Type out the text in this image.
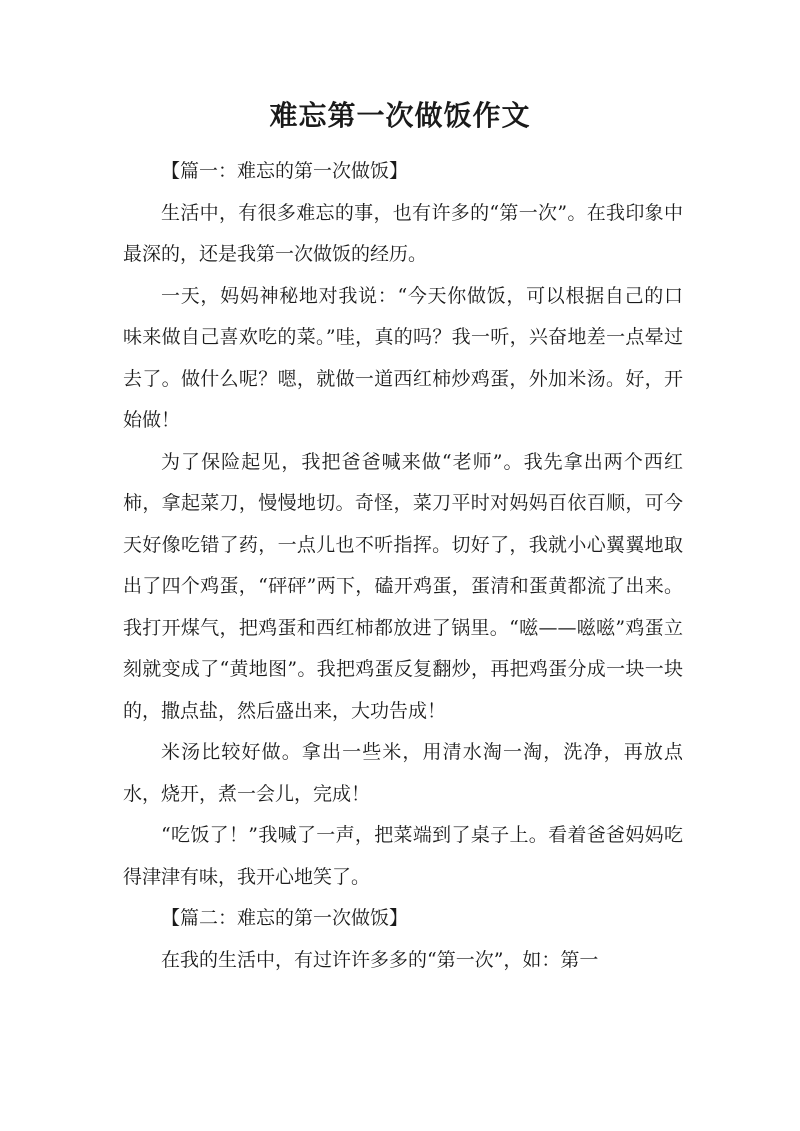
难忘第一次做饭作文

【篇一：难忘的第一次做饭】

生活中，有很多难忘的事，也有许多的“第一次”。在我印象中最深的，还是我第一次做饭的经历。

一天，妈妈神秘地对我说：“今天你做饭，可以根据自己的口味来做自己喜欢吃的菜。”哇，真的吗？我一听，兴奋地差一点晕过去了。做什么呢？嗯，就做一道西红柿炒鸡蛋，外加米汤。好，开始做！

为了保险起见，我把爸爸喊来做“老师”。我先拿出两个西红柿，拿起菜刀，慢慢地切。奇怪，菜刀平时对妈妈百依百顺，可今天好像吃错了药，一点儿也不听指挥。切好了，我就小心翼翼地取出了四个鸡蛋，“砰砰”两下，磕开鸡蛋，蛋清和蛋黄都流了出来。我打开煤气，把鸡蛋和西红柿都放进了锅里。“嗞——嗞嗞”鸡蛋立刻就变成了“黄地图”。我把鸡蛋反复翻炒，再把鸡蛋分成一块一块的，撒点盐，然后盛出来，大功告成！

米汤比较好做。拿出一些米，用清水淘一淘，洗净，再放点水，烧开，煮一会儿，完成！

“吃饭了！”我喊了一声，把菜端到了桌子上。看着爸爸妈妈吃得津津有味，我开心地笑了。

【篇二：难忘的第一次做饭】

在我的生活中，有过许许多多的“第一次”，如：第一
